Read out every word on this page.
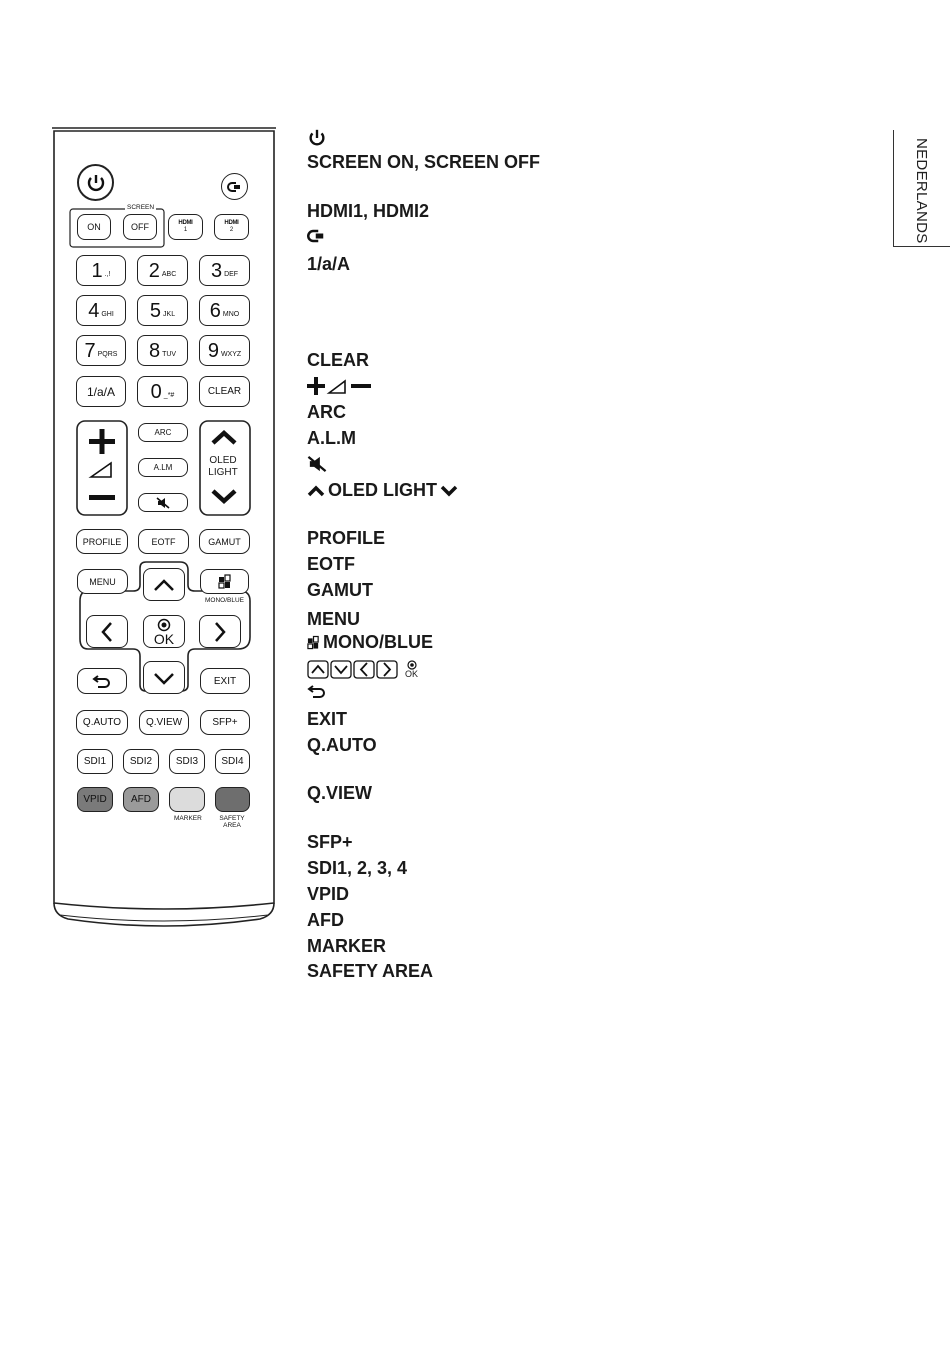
NEDERLANDS
SCREEN
ON	OFF	HDMI
1
HDMI
2
1 .,! 2 ABC 3 DEF
4 GHI 5 JKL 6 MNO
7 PQRS 8 TUV 9 WXYZ
1/a/A 0 _*#	CLEAR
ARC
A.LM
OLED
LIGHT
PROFILE	EOTF	GAMUT
MENU
MONO/BLUE
OK
EXIT
Q.AUTO Q.VIEW	SFP+
SDI1 SDI2 SDI3 SDI4
VPID AFD
MARKER	SAFETY
AREA
SCREEN ON, SCREEN OFF
HDMI1, HDMI2
1/a/A
CLEAR
ARC
A.L.M
OLED LIGHT
PROFILE
EOTF
GAMUT
MENU
MONO/BLUE
OK
EXIT
Q.AUTO
Q.VIEW
SFP+
SDI1, 2, 3, 4
VPID
AFD
MARKER
SAFETY AREA
